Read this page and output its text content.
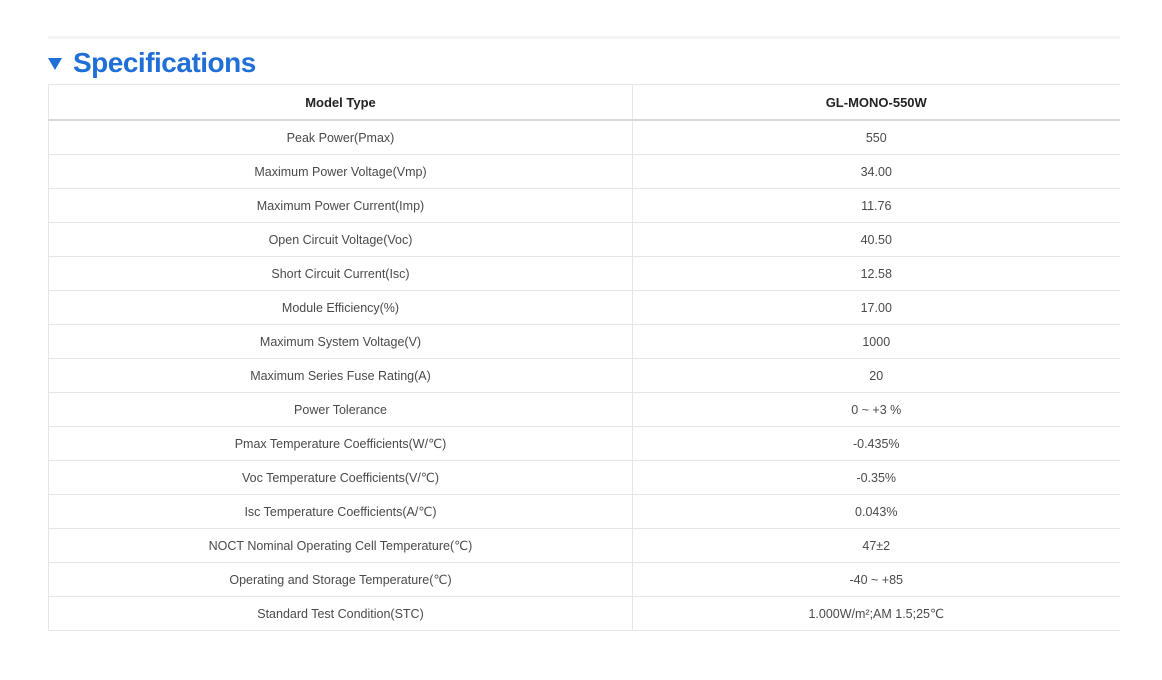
Specifications
Model Type	GL-MONO-550W
Peak Power(Pmax)	550
Maximum Power Voltage(Vmp)	34.00
Maximum Power Current(Imp)	11.76
Open Circuit Voltage(Voc)	40.50
Short Circuit Current(Isc)	12.58
Module Efficiency(%)	17.00
Maximum System Voltage(V)	1000
Maximum Series Fuse Rating(A)	20
Power Tolerance	0 ~ +3 %
Pmax Temperature Coefficients(W/℃)	-0.435%
Voc Temperature Coefficients(V/℃)	-0.35%
Isc Temperature Coefficients(A/℃)	0.043%
NOCT Nominal Operating Cell Temperature(℃)	47±2
Operating and Storage Temperature(℃)	-40 ~ +85
Standard Test Condition(STC)	1.000W/m²;AM 1.5;25℃
